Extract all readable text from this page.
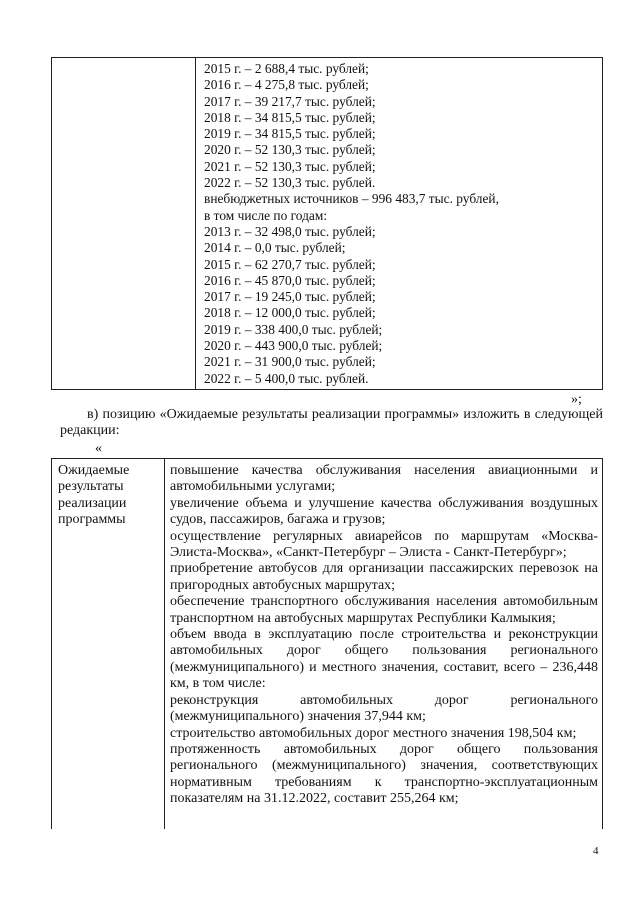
2015 г. – 2 688,4 тыс. рублей;
2016 г. – 4 275,8 тыс. рублей;
2017 г. – 39 217,7 тыс. рублей;
2018 г. – 34 815,5 тыс. рублей;
2019 г. – 34 815,5 тыс. рублей;
2020 г. – 52 130,3 тыс. рублей;
2021 г. – 52 130,3 тыс. рублей;
2022 г. – 52 130,3 тыс. рублей.
внебюджетных источников – 996 483,7 тыс. рублей,
в том числе по годам:
2013 г. – 32 498,0 тыс. рублей;
2014 г. – 0,0 тыс. рублей;
2015 г. – 62 270,7 тыс. рублей;
2016 г. – 45 870,0 тыс. рублей;
2017 г. – 19 245,0 тыс. рублей;
2018 г. – 12 000,0 тыс. рублей;
2019 г. – 338 400,0 тыс. рублей;
2020 г. – 443 900,0 тыс. рублей;
2021 г. – 31 900,0 тыс. рублей;
2022 г. – 5 400,0 тыс. рублей.
»;
в) позицию «Ожидаемые результаты реализации программы» изложить в следующей редакции:
«
Ожидаемые результаты реализации программы
повышение качества обслуживания населения авиационными и автомобильными услугами;
увеличение объема и улучшение качества обслуживания воздушных судов, пассажиров, багажа и грузов;
осуществление регулярных авиарейсов по маршрутам «Москва-Элиста-Москва», «Санкт-Петербург – Элиста - Санкт-Петербург»;
приобретение автобусов для организации пассажирских перевозок на пригородных автобусных маршрутах;
обеспечение транспортного обслуживания населения автомобильным транспортном на автобусных маршрутах Республики Калмыкия;
объем ввода в эксплуатацию после строительства и реконструкции автомобильных дорог общего пользования регионального (межмуниципального) и местного значения, составит, всего – 236,448 км, в том числе:
реконструкция автомобильных дорог регионального (межмуниципального) значения 37,944 км;
строительство автомобильных дорог местного значения 198,504 км;
протяженность автомобильных дорог общего пользования регионального (межмуниципального) значения, соответствующих нормативным требованиям к транспортно-эксплуатационным показателям на 31.12.2022, составит 255,264 км;
4
